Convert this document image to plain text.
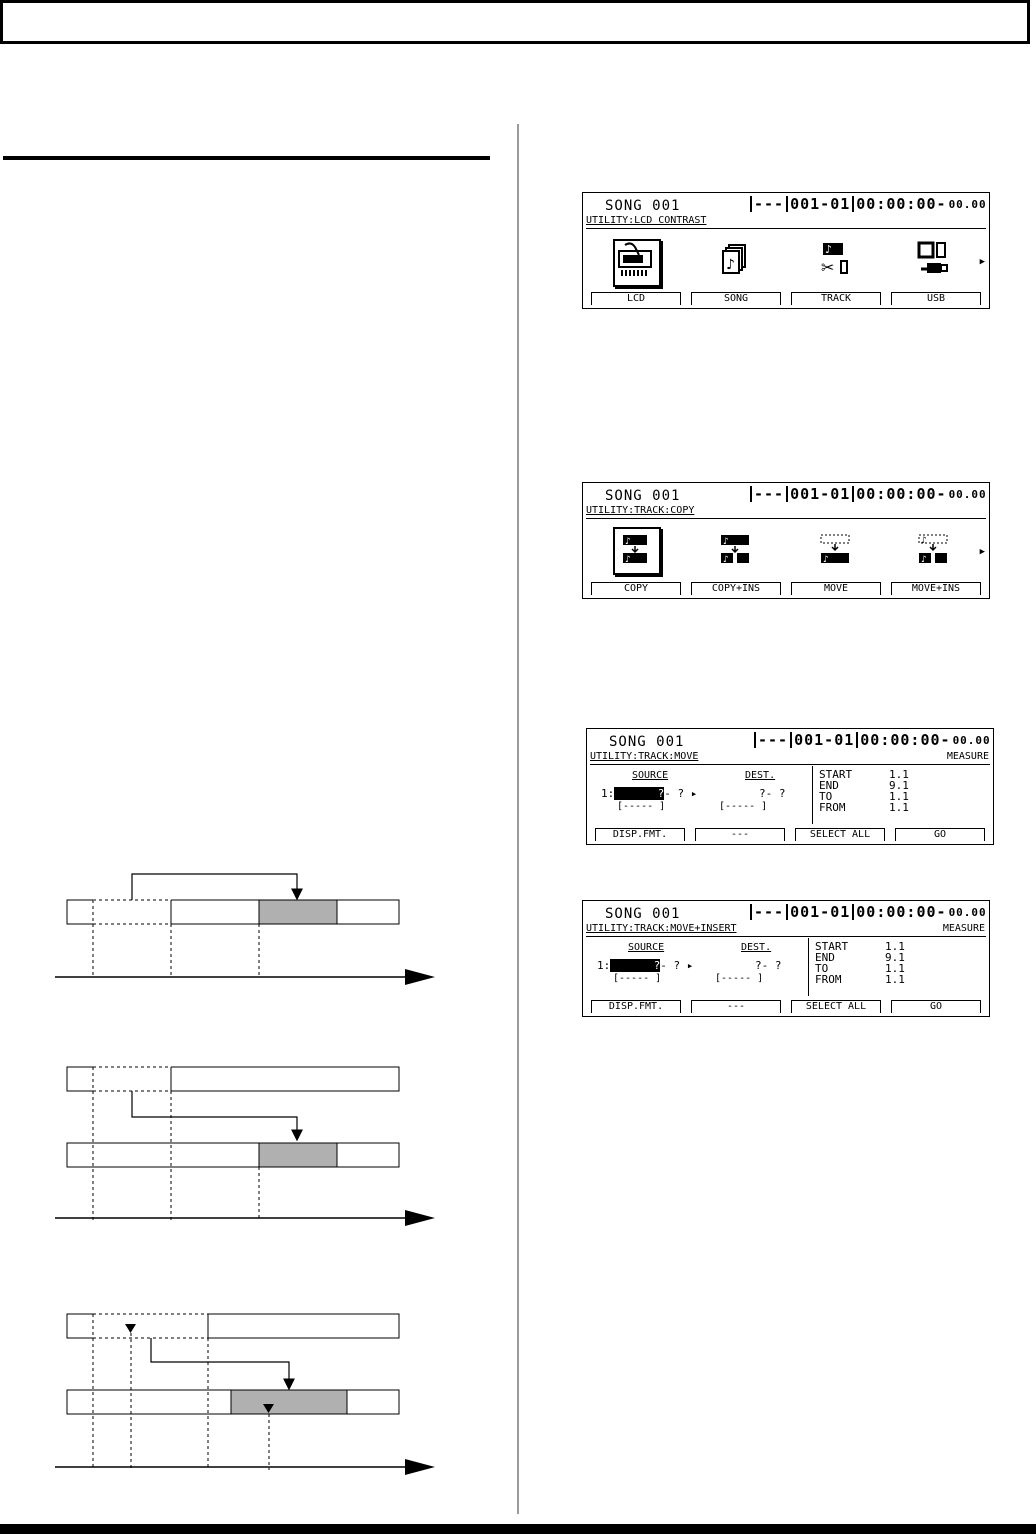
SONG 001	--- 001-01 00:00:00- 00.00
UTILITY:LCD CONTRAST
♪
♪
✂	▶
LCD	SONG	TRACK	USB
SONG 001	--- 001-01 00:00:00- 00.00
UTILITY:TRACK:COPY
♪
♪
♪
♪	♪
♪
♪
▶
COPY	COPY+INS	MOVE	MOVE+INS
SONG 001	--- 001-01 00:00:00- 00.00
UTILITY:TRACK:MOVE	MEASURE
SOURCE	DEST.
1:	?- ? ▸	?- ?
[----- ]	[----- ]
START	1.1
END	9.1
TO	1.1
FROM	1.1
DISP.FMT.	---	SELECT ALL	GO
SONG 001	--- 001-01 00:00:00- 00.00
UTILITY:TRACK:MOVE+INSERT	MEASURE
SOURCE	DEST.
1:	?- ? ▸	?- ?
[----- ]	[----- ]
START	1.1
END	9.1
TO	1.1
FROM	1.1
DISP.FMT.	---	SELECT ALL	GO
